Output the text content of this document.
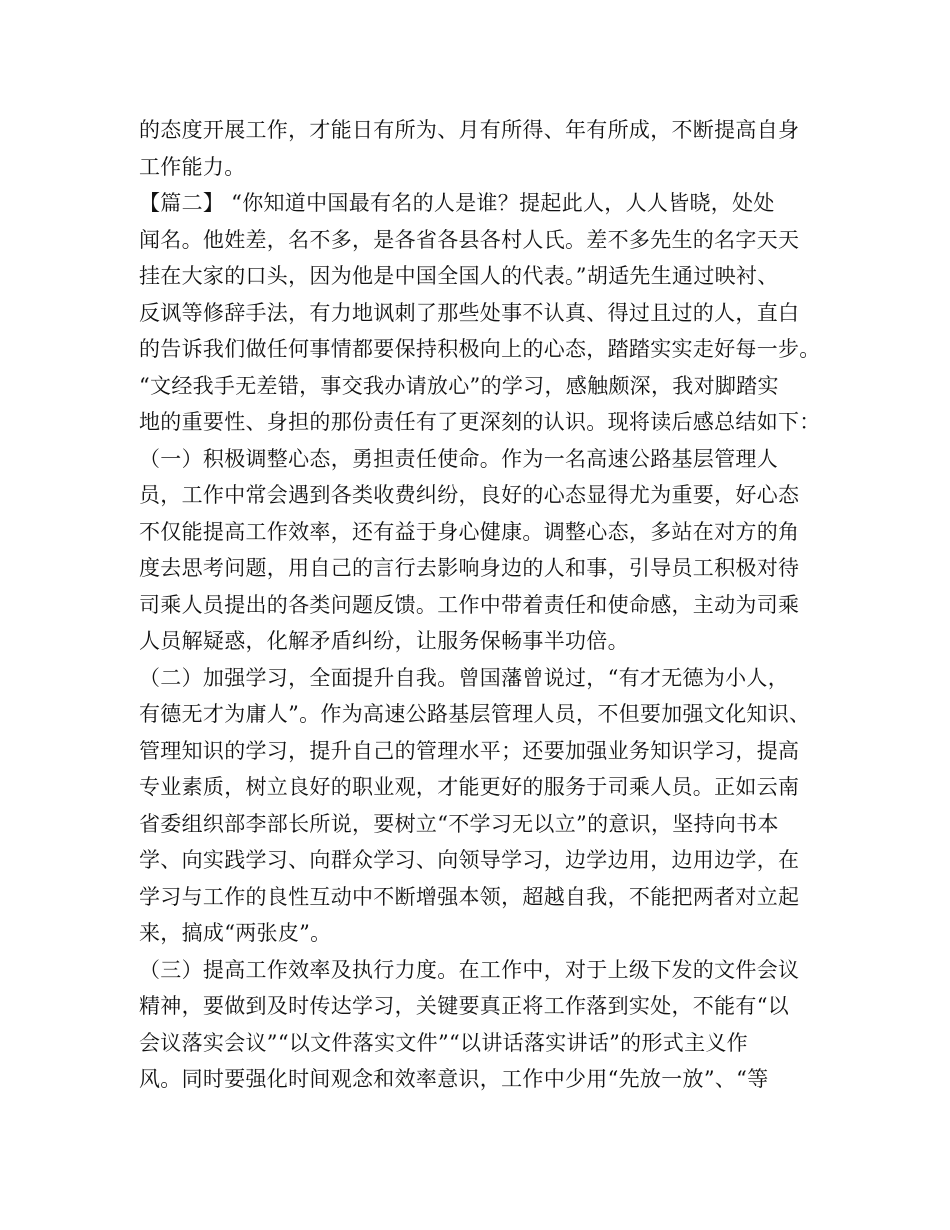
的态度开展工作，才能日有所为、月有所得、年有所成，不断提高自身
工作能力。
【篇二】 “你知道中国最有名的人是谁？提起此人，人人皆晓，处处
闻名。他姓差，名不多，是各省各县各村人氏。差不多先生的名字天天
挂在大家的口头，因为他是中国全国人的代表。”胡适先生通过映衬、
反讽等修辞手法，有力地讽刺了那些处事不认真、得过且过的人，直白
的告诉我们做任何事情都要保持积极向上的心态，踏踏实实走好每一步。
“文经我手无差错，事交我办请放心”的学习，感触颇深，我对脚踏实
地的重要性、身担的那份责任有了更深刻的认识。现将读后感总结如下：
（一）积极调整心态，勇担责任使命。作为一名高速公路基层管理人
员，工作中常会遇到各类收费纠纷，良好的心态显得尤为重要，好心态
不仅能提高工作效率，还有益于身心健康。调整心态，多站在对方的角
度去思考问题，用自己的言行去影响身边的人和事，引导员工积极对待
司乘人员提出的各类问题反馈。工作中带着责任和使命感，主动为司乘
人员解疑惑，化解矛盾纠纷，让服务保畅事半功倍。
（二）加强学习，全面提升自我。曾国藩曾说过，“有才无德为小人，
有德无才为庸人”。作为高速公路基层管理人员，不但要加强文化知识、
管理知识的学习，提升自己的管理水平；还要加强业务知识学习，提高
专业素质，树立良好的职业观，才能更好的服务于司乘人员。正如云南
省委组织部李部长所说，要树立“不学习无以立”的意识，坚持向书本
学、向实践学习、向群众学习、向领导学习，边学边用，边用边学，在
学习与工作的良性互动中不断增强本领，超越自我，不能把两者对立起
来，搞成“两张皮”。
（三）提高工作效率及执行力度。在工作中，对于上级下发的文件会议
精神，要做到及时传达学习，关键要真正将工作落到实处，不能有“以
会议落实会议”“以文件落实文件”“以讲话落实讲话”的形式主义作
风。同时要强化时间观念和效率意识，工作中少用“先放一放”、“等
